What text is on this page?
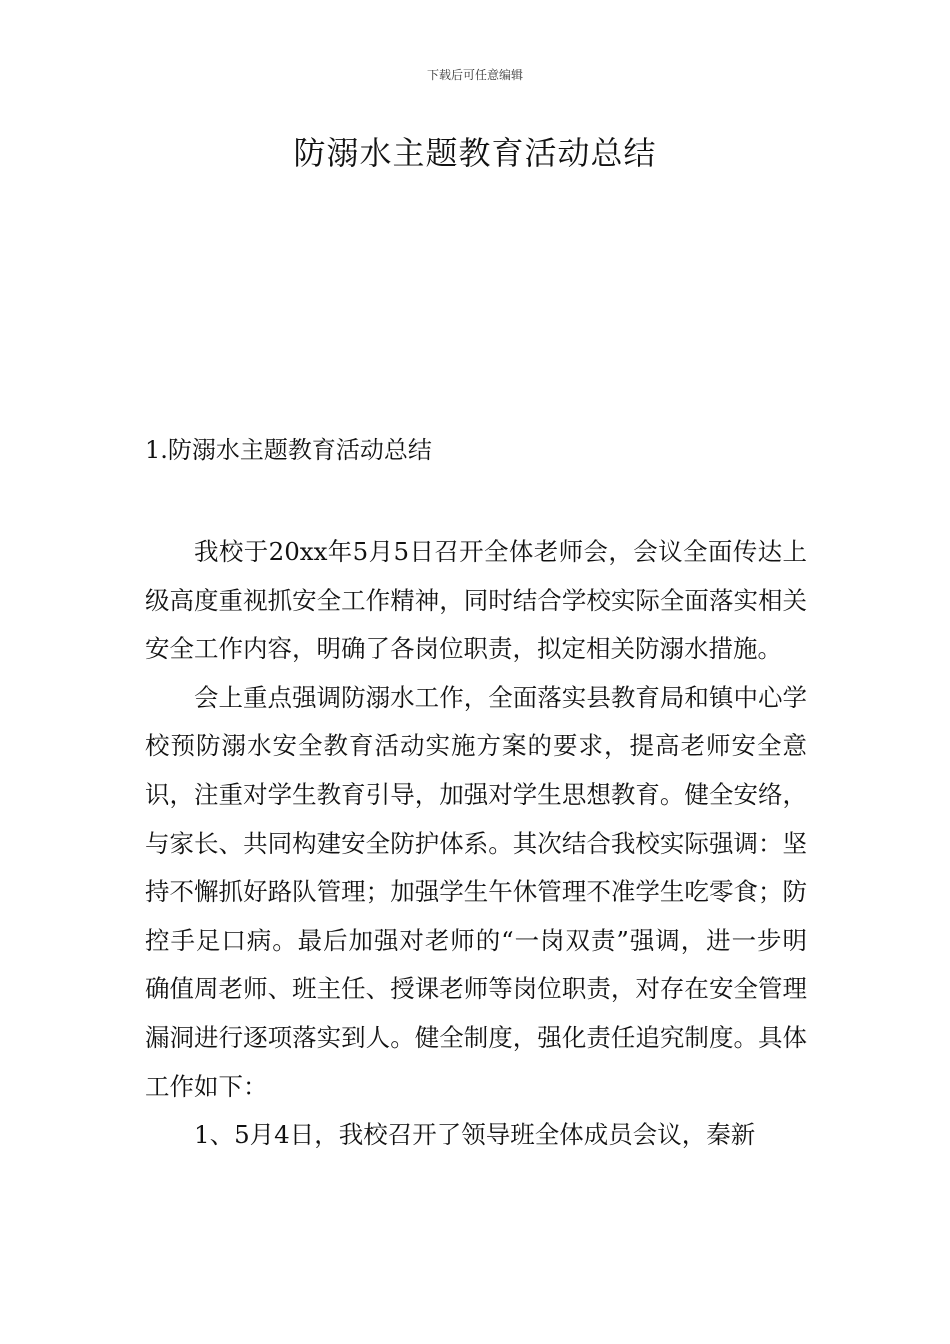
下载后可任意编辑
防溺水主题教育活动总结
1.防溺水主题教育活动总结

我校于20xx年5月5日召开全体老师会，会议全面传达上级高度重视抓安全工作精神，同时结合学校实际全面落实相关安全工作内容，明确了各岗位职责，拟定相关防溺水措施。

会上重点强调防溺水工作，全面落实县教育局和镇中心学校预防溺水安全教育活动实施方案的要求，提高老师安全意识，注重对学生教育引导，加强对学生思想教育。健全安络，与家长、共同构建安全防护体系。其次结合我校实际强调：坚持不懈抓好路队管理；加强学生午休管理不准学生吃零食；防控手足口病。最后加强对老师的“一岗双责”强调，进一步明确值周老师、班主任、授课老师等岗位职责，对存在安全管理漏洞进行逐项落实到人。健全制度，强化责任追究制度。具体工作如下：

1、5月4日，我校召开了领导班全体成员会议，秦新
